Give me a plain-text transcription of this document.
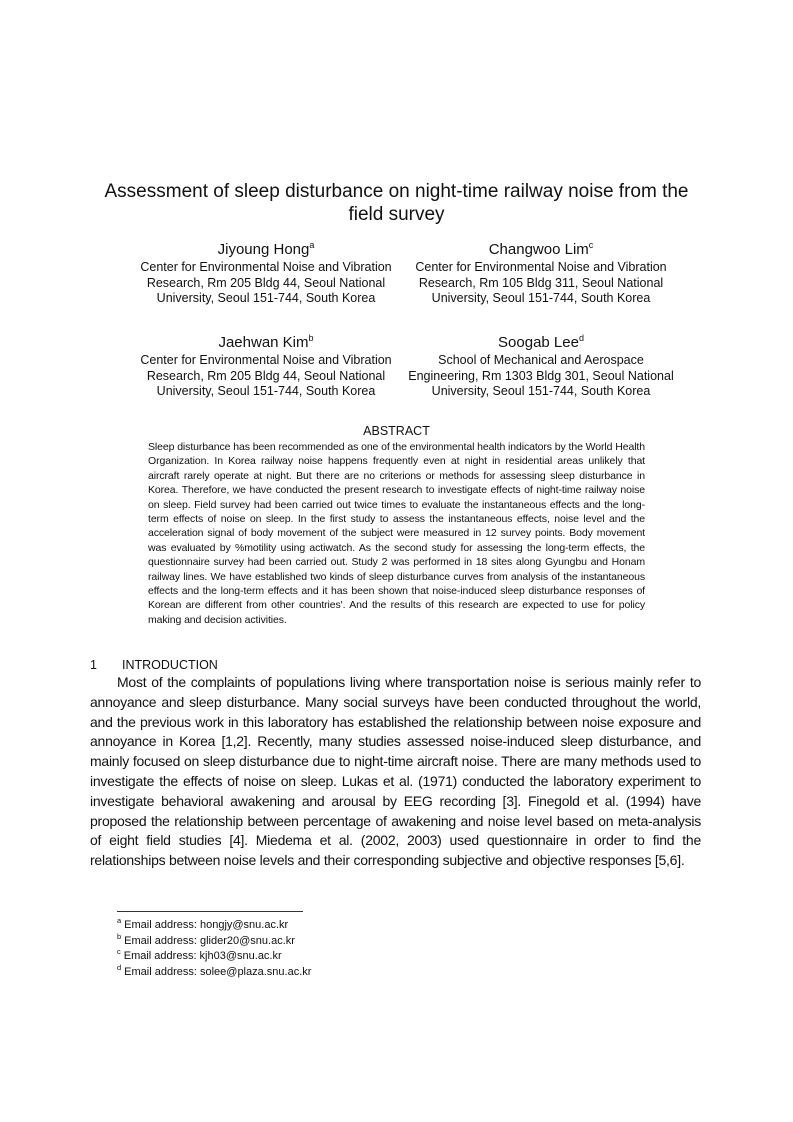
Assessment of sleep disturbance on night-time railway noise from the field survey
Jiyoung Hong$^a$
Center for Environmental Noise and Vibration Research, Rm 205 Bldg 44, Seoul National University, Seoul 151-744, South Korea
Changwoo Lim$^c$
Center for Environmental Noise and Vibration Research, Rm 105 Bldg 311, Seoul National University, Seoul 151-744, South Korea
Jaehwan Kim$^b$
Center for Environmental Noise and Vibration Research, Rm 205 Bldg 44, Seoul National University, Seoul 151-744, South Korea
Soogab Lee$^d$
School of Mechanical and Aerospace Engineering, Rm 1303 Bldg 301, Seoul National University, Seoul 151-744, South Korea
ABSTRACT
Sleep disturbance has been recommended as one of the environmental health indicators by the World Health Organization. In Korea railway noise happens frequently even at night in residential areas unlikely that aircraft rarely operate at night. But there are no criterions or methods for assessing sleep disturbance in Korea. Therefore, we have conducted the present research to investigate effects of night-time railway noise on sleep. Field survey had been carried out twice times to evaluate the instantaneous effects and the long-term effects of noise on sleep. In the first study to assess the instantaneous effects, noise level and the acceleration signal of body movement of the subject were measured in 12 survey points. Body movement was evaluated by %motility using actiwatch. As the second study for assessing the long-term effects, the questionnaire survey had been carried out. Study 2 was performed in 18 sites along Gyungbu and Honam railway lines. We have established two kinds of sleep disturbance curves from analysis of the instantaneous effects and the long-term effects and it has been shown that noise-induced sleep disturbance responses of Korean are different from other countries'. And the results of this research are expected to use for policy making and decision activities.
1 INTRODUCTION
Most of the complaints of populations living where transportation noise is serious mainly refer to annoyance and sleep disturbance. Many social surveys have been conducted throughout the world, and the previous work in this laboratory has established the relationship between noise exposure and annoyance in Korea [1,2]. Recently, many studies assessed noise-induced sleep disturbance, and mainly focused on sleep disturbance due to night-time aircraft noise. There are many methods used to investigate the effects of noise on sleep. Lukas et al. (1971) conducted the laboratory experiment to investigate behavioral awakening and arousal by EEG recording [3]. Finegold et al. (1994) have proposed the relationship between percentage of awakening and noise level based on meta-analysis of eight field studies [4]. Miedema et al. (2002, 2003) used questionnaire in order to find the relationships between noise levels and their corresponding subjective and objective responses [5,6].
$^a$ Email address: hongjy@snu.ac.kr
$^b$ Email address: glider20@snu.ac.kr
$^c$ Email address: kjh03@snu.ac.kr
$^d$ Email address: solee@plaza.snu.ac.kr
